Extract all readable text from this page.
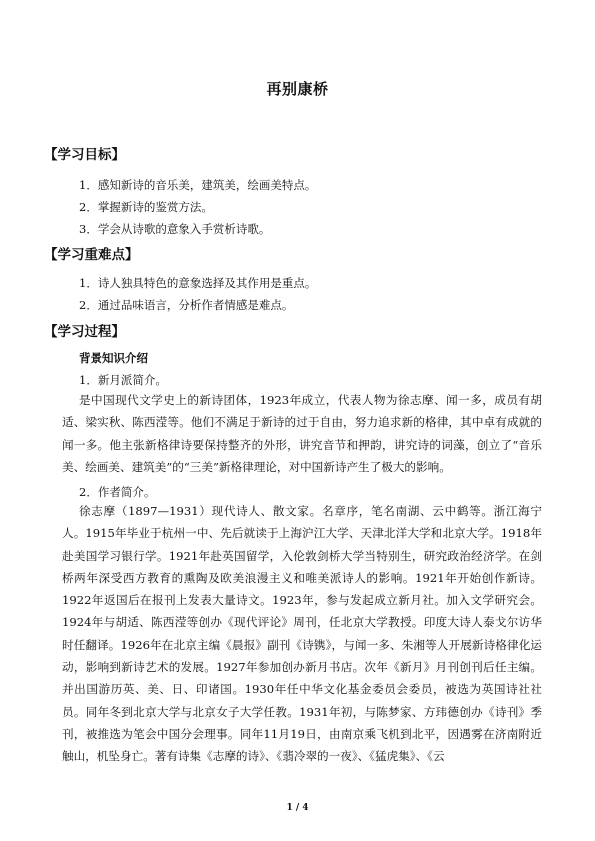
再别康桥
【学习目标】
1．感知新诗的音乐美，建筑美，绘画美特点。
2．掌握新诗的鉴赏方法。
3．学会从诗歌的意象入手赏析诗歌。
【学习重难点】
1．诗人独具特色的意象选择及其作用是重点。
2．通过品味语言，分析作者情感是难点。
【学习过程】
背景知识介绍
1．新月派简介。

是中国现代文学史上的新诗团体，1923年成立，代表人物为徐志摩、闻一多，成员有胡适、梁实秋、陈西滢等。他们不满足于新诗的过于自由，努力追求新的格律，其中卓有成就的闻一多。他主张新格律诗要保持整齐的外形，讲究音节和押韵，讲究诗的词藻，创立了“音乐美、绘画美、建筑美”的“三美”新格律理论，对中国新诗产生了极大的影响。

2．作者简介。

徐志摩（1897—1931）现代诗人、散文家。名章序，笔名南湖、云中鹤等。浙江海宁人。1915年毕业于杭州一中、先后就读于上海沪江大学、天津北洋大学和北京大学。1918年赴美国学习银行学。1921年赴英国留学，入伦敦剑桥大学当特别生，研究政治经济学。在剑桥两年深受西方教育的熏陶及欧美浪漫主义和唯美派诗人的影响。1921年开始创作新诗。1922年返国后在报刊上发表大量诗文。1923年，参与发起成立新月社。加入文学研究会。1924年与胡适、陈西滢等创办《现代评论》周刊，任北京大学教授。印度大诗人泰戈尔访华时任翻译。1926年在北京主编《晨报》副刊《诗镌》，与闻一多、朱湘等人开展新诗格律化运动，影响到新诗艺术的发展。1927年参加创办新月书店。次年《新月》月刊创刊后任主编。并出国游历英、美、日、印诸国。1930年任中华文化基金委员会委员，被选为英国诗社社员。同年冬到北京大学与北京女子大学任教。1931年初，与陈梦家、方玮德创办《诗刊》季刊，被推选为笔会中国分会理事。同年11月19日，由南京乘飞机到北平，因遇雾在济南附近触山，机坠身亡。著有诗集《志摩的诗》、《翡冷翠的一夜》、《猛虎集》、《云

1 / 4
